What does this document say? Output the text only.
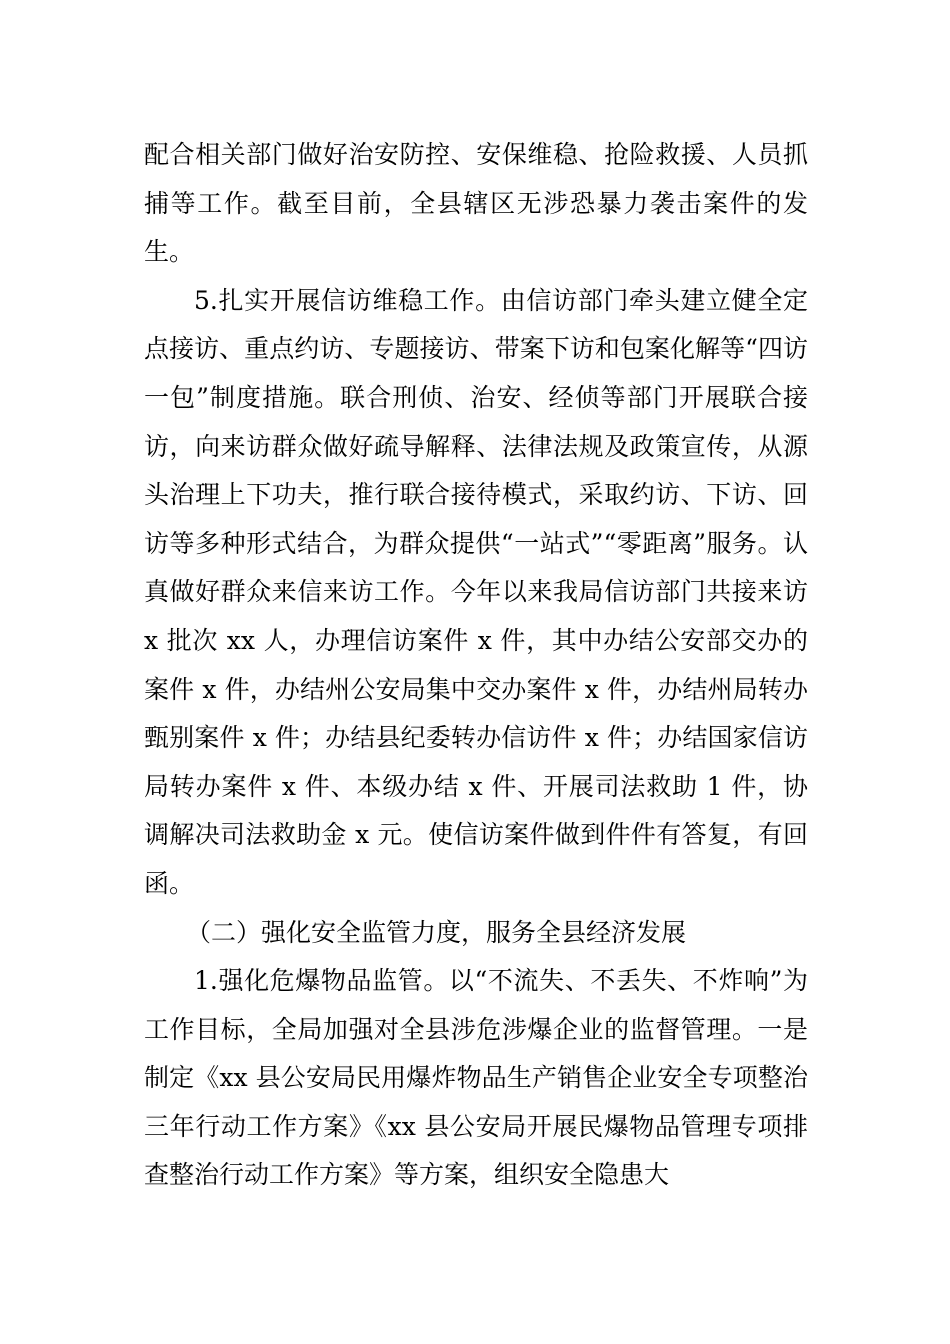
配合相关部门做好治安防控、安保维稳、抢险救援、人员抓捕等工作。截至目前，全县辖区无涉恐暴力袭击案件的发生。

5.扎实开展信访维稳工作。由信访部门牵头建立健全定点接访、重点约访、专题接访、带案下访和包案化解等“四访一包”制度措施。联合刑侦、治安、经侦等部门开展联合接访，向来访群众做好疏导解释、法律法规及政策宣传，从源头治理上下功夫，推行联合接待模式，采取约访、下访、回访等多种形式结合，为群众提供“一站式”“零距离”服务。认真做好群众来信来访工作。今年以来我局信访部门共接来访 x 批次 xx 人，办理信访案件 x 件，其中办结公安部交办的案件 x 件，办结州公安局集中交办案件 x 件，办结州局转办甄别案件 x 件；办结县纪委转办信访件 x 件；办结国家信访局转办案件 x 件、本级办结 x 件、开展司法救助 1 件，协调解决司法救助金 x 元。使信访案件做到件件有答复，有回函。

（二）强化安全监管力度，服务全县经济发展

1.强化危爆物品监管。以“不流失、不丢失、不炸响”为工作目标，全局加强对全县涉危涉爆企业的监督管理。一是制定《xx 县公安局民用爆炸物品生产销售企业安全专项整治三年行动工作方案》《xx 县公安局开展民爆物品管理专项排查整治行动工作方案》等方案，组织安全隐患大
